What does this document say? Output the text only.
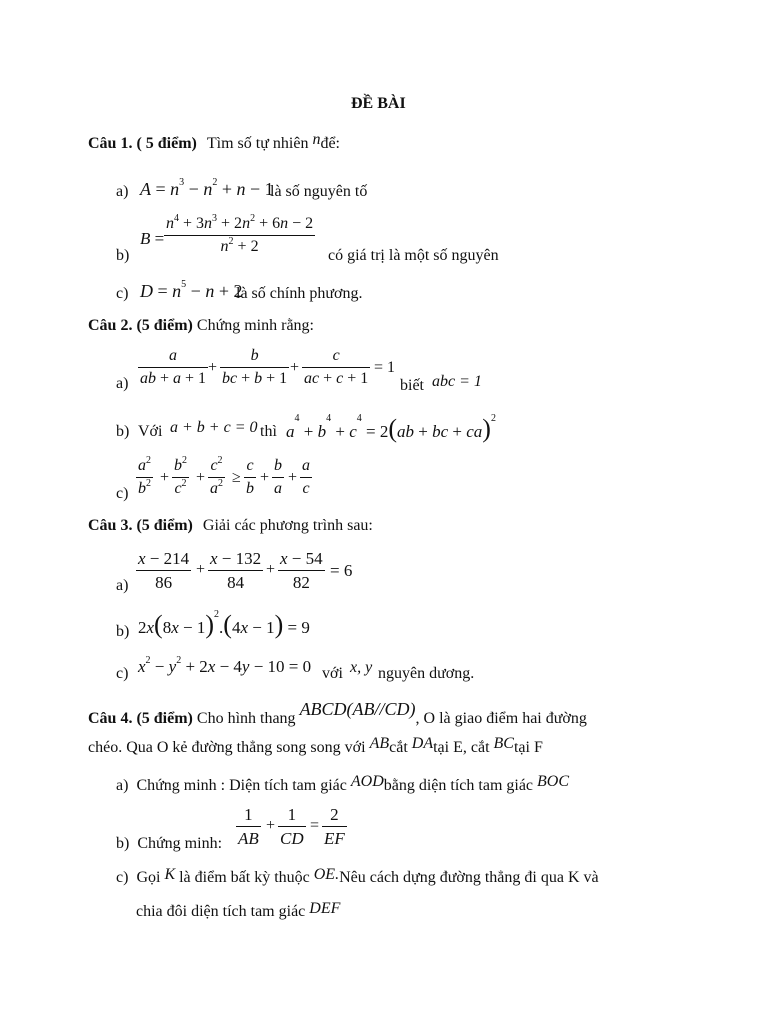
ĐỀ BÀI
Câu 1. ( 5 điểm) Tìm số tự nhiên nđể:
a) $A = n^3 - n^2 + n - 1$
là số nguyên tố
b)
$B = \frac{n^4 + 3n^3 + 2n^2 + 6n - 2}{n^2 + 2}$
có giá trị là một số nguyên
c) $D = n^5 - n + 2$
là số chính phương.
Câu 2. (5 điểm) Chứng minh rằng:
$a) \frac{a}{ab + a + 1} + \frac{b}{bc + b + 1} + \frac{c}{ac + c + 1} = 1$
biết abc = 1
b) Với a + b + c = 0 thì $a^4 + b^4 + c^4 = 2(ab$ + bc + ca)$^2$
$c) \frac{a^2}{b^2} + \frac{b^2}{c^2} + \frac{c^2}{a^2} \ge \frac{c}{b} + \frac{b}{a} + \frac{a}{c}$
Câu 3. (5 điểm) Giải các phương trình sau:
$a) \frac{x - 214}{86} + \frac{x - 132}{84} + \frac{x - 54}{82} = 6$
b) $2x(8x - 1)^2.(4x - 1) = 9$
c) $x^2 - y^2 + 2x - 4y - 10 = 0$ với x, y nguyên dương.
Câu 4. (5 điểm) Cho hình thang ABCD(AB//CD), O là giao điểm hai đường
chéo. Qua O kẻ đường thẳng song song với ABcắt DAtại E, cắt BCtại F
a) Chứng minh : Diện tích tam giác AODbằng diện tích tam giác BOC
b) Chứng minh: $\frac{1}{AB} + \frac{1}{CD} = \frac{2}{EF}$
c) Gọi K là điểm bất kỳ thuộc OE.Nêu cách dựng đường thẳng đi qua K và
chia đôi diện tích tam giác DEF
